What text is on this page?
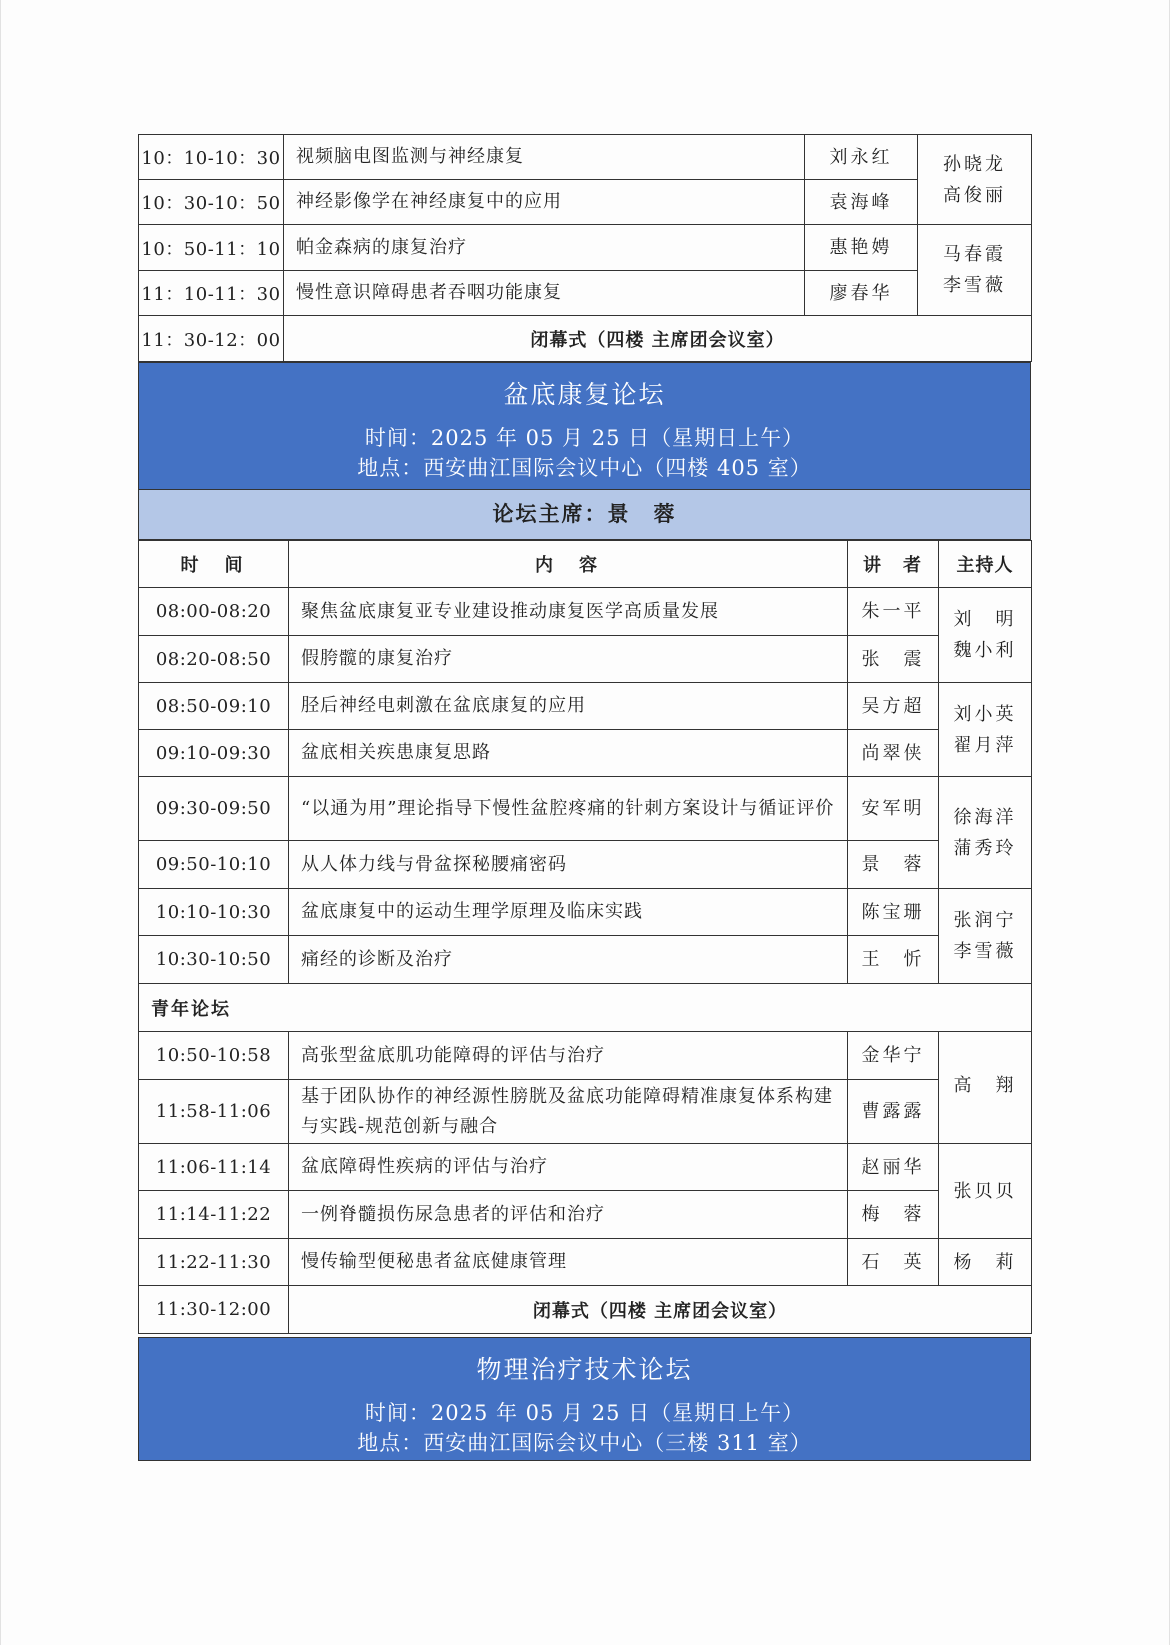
10：10-10：30	视频脑电图监测与神经康复	刘永红	孙晓龙
高俊丽
10：30-10：50	神经影像学在神经康复中的应用	袁海峰	
10：50-11：10	帕金森病的康复治疗	惠艳娉	马春霞
李雪薇
11：10-11：30	慢性意识障碍患者吞咽功能康复	廖春华	
11：30-12：00	闭幕式（四楼 主席团会议室）		
盆底康复论坛
时间：2025 年 05 月 25 日（星期日上午）
地点：西安曲江国际会议中心（四楼 405 室）
论坛主席：景　蓉
时　间	内　容	讲　者	主持人
08:00-08:20	聚焦盆底康复亚专业建设推动康复医学高质量发展	朱一平	刘　明
魏小利
08:20-08:50	假胯髋的康复治疗	张　震	
08:50-09:10	胫后神经电刺激在盆底康复的应用	吴方超	刘小英
翟月萍
09:10-09:30	盆底相关疾患康复思路	尚翠侠	
09:30-09:50	“以通为用”理论指导下慢性盆腔疼痛的针刺方案设计与循证评价	安军明	徐海洋
蒲秀玲
09:50-10:10	从人体力线与骨盆探秘腰痛密码	景　蓉	
10:10-10:30	盆底康复中的运动生理学原理及临床实践	陈宝珊	张润宁
李雪薇
10:30-10:50	痛经的诊断及治疗	王　忻	
青年论坛			
10:50-10:58	高张型盆底肌功能障碍的评估与治疗	金华宁	高　翔
11:58-11:06	基于团队协作的神经源性膀胱及盆底功能障碍精准康复体系构建与实践-规范创新与融合	曹露露	
11:06-11:14	盆底障碍性疾病的评估与治疗	赵丽华	张贝贝
11:14-11:22	一例脊髓损伤尿急患者的评估和治疗	梅　蓉	
11:22-11:30	慢传输型便秘患者盆底健康管理	石　英	杨　莉
11:30-12:00	闭幕式（四楼 主席团会议室）		
物理治疗技术论坛
时间：2025 年 05 月 25 日（星期日上午）
地点：西安曲江国际会议中心（三楼 311 室）
